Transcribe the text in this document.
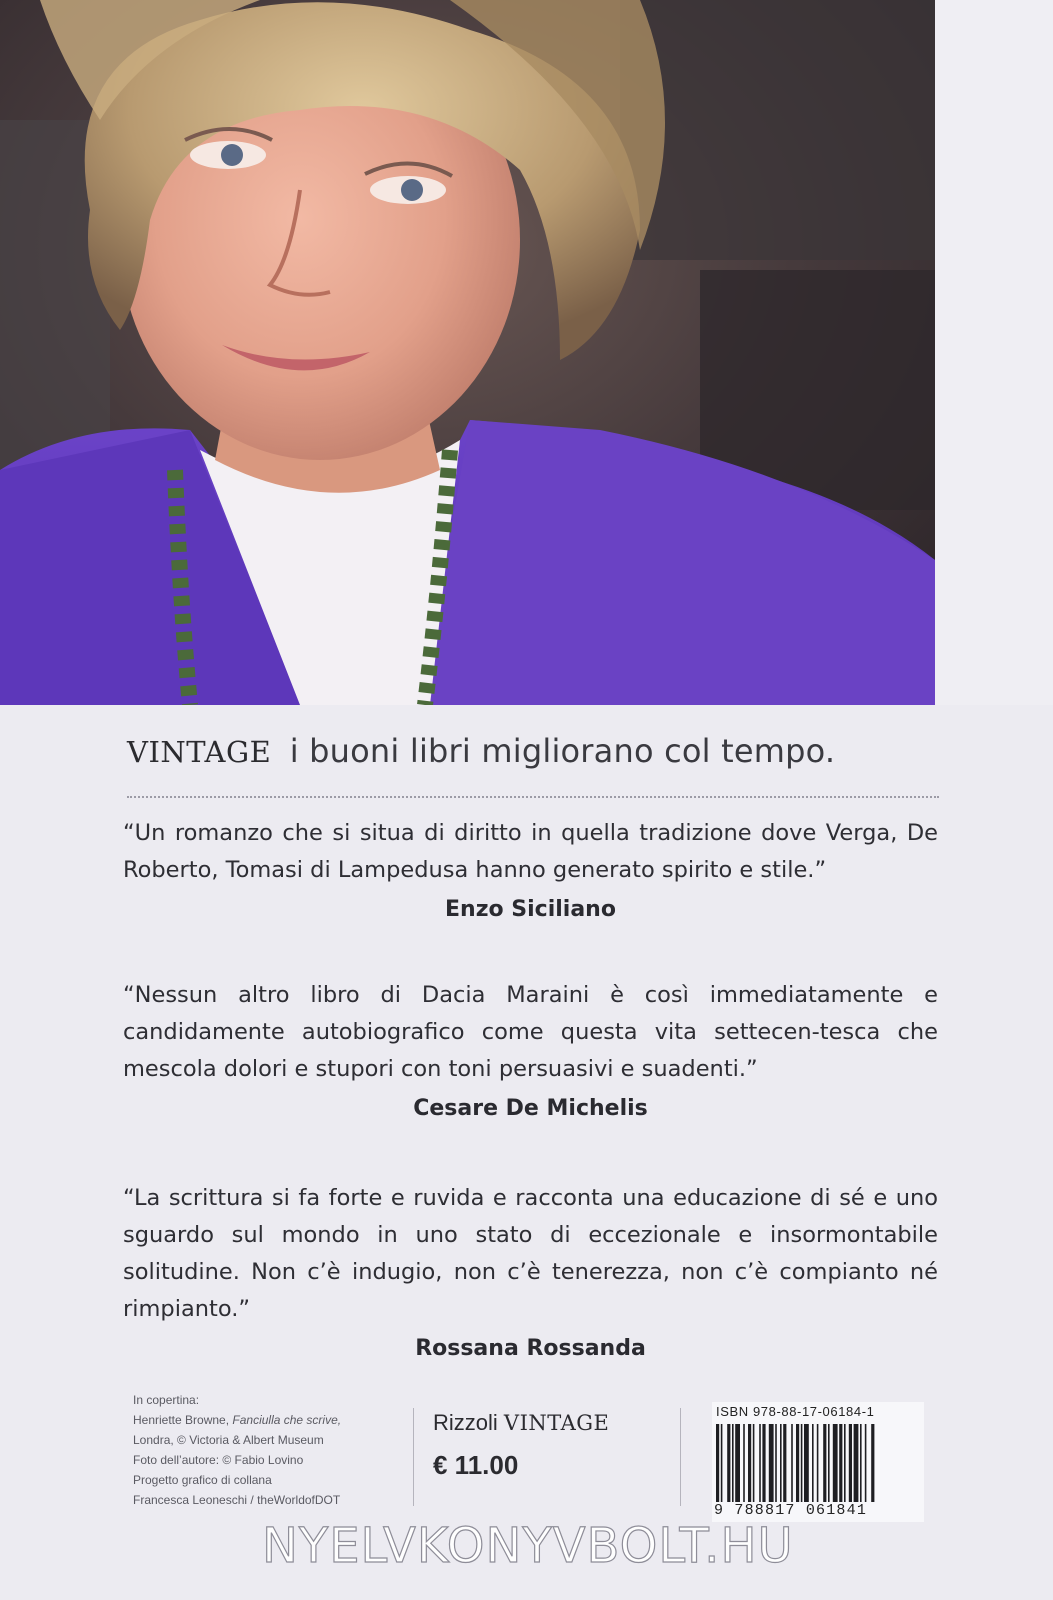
VINTAGE i buoni libri migliorano col tempo.
“Un romanzo che si situa di diritto in quella tradizione dove Verga, De Roberto, Tomasi di Lampedusa hanno generato spirito e stile.”
Enzo Siciliano
“Nessun altro libro di Dacia Maraini è così immediatamente e candidamente autobiografico come questa vita settecen-tesca che mescola dolori e stupori con toni persuasivi e suadenti.”
Cesare De Michelis
“La scrittura si fa forte e ruvida e racconta una educazione di sé e uno sguardo sul mondo in uno stato di eccezionale e insormontabile solitudine. Non c’è indugio, non c’è tenerezza, non c’è compianto né rimpianto.”
Rossana Rossanda
In copertina:
Henriette Browne, Fanciulla che scrive,
Londra, © Victoria & Albert Museum
Foto dell’autore: © Fabio Lovino
Progetto grafico di collana
Francesca Leoneschi / theWorldofDOT
Rizzoli VINTAGE
€ 11.00
ISBN 978-88-17-06184-1
9 788817 061841
NYELVKONYVBOLT.HU
